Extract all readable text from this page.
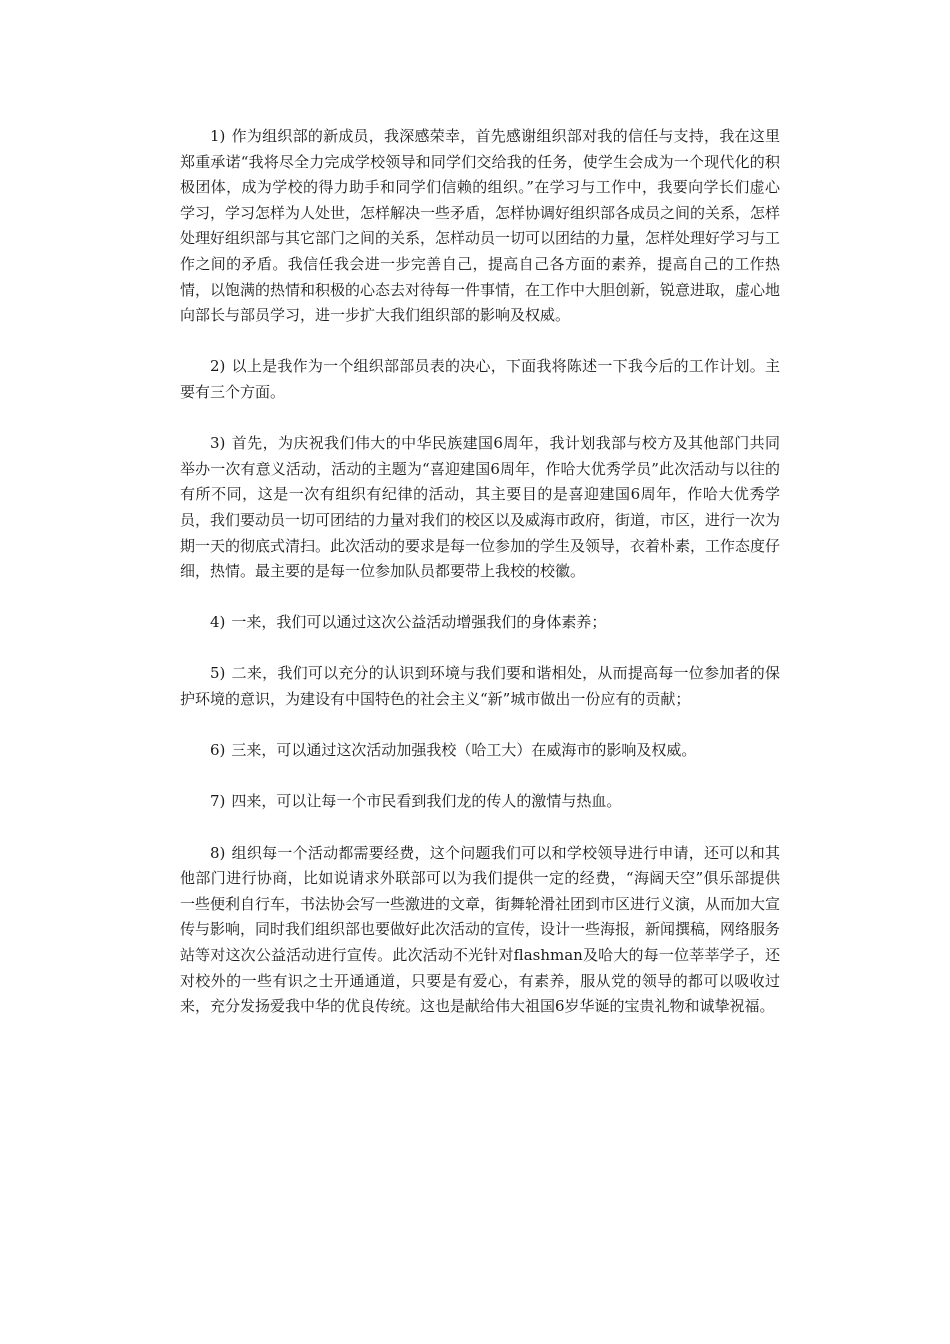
1) 作为组织部的新成员，我深感荣幸，首先感谢组织部对我的信任与支持，我在这里郑重承诺“我将尽全力完成学校领导和同学们交给我的任务，使学生会成为一个现代化的积极团体，成为学校的得力助手和同学们信赖的组织。”在学习与工作中，我要向学长们虚心学习，学习怎样为人处世，怎样解决一些矛盾，怎样协调好组织部各成员之间的关系，怎样处理好组织部与其它部门之间的关系，怎样动员一切可以团结的力量，怎样处理好学习与工作之间的矛盾。我信任我会进一步完善自己，提高自己各方面的素养，提高自己的工作热情，以饱满的热情和积极的心态去对待每一件事情，在工作中大胆创新，锐意进取，虚心地向部长与部员学习，进一步扩大我们组织部的影响及权威。

2) 以上是我作为一个组织部部员表的决心，下面我将陈述一下我今后的工作计划。主要有三个方面。

3) 首先，为庆祝我们伟大的中华民族建国6周年，我计划我部与校方及其他部门共同举办一次有意义活动，活动的主题为“喜迎建国6周年，作哈大优秀学员”此次活动与以往的有所不同，这是一次有组织有纪律的活动，其主要目的是喜迎建国6周年，作哈大优秀学员，我们要动员一切可团结的力量对我们的校区以及威海市政府，街道，市区，进行一次为期一天的彻底式清扫。此次活动的要求是每一位参加的学生及领导，衣着朴素，工作态度仔细，热情。最主要的是每一位参加队员都要带上我校的校徽。

4) 一来，我们可以通过这次公益活动增强我们的身体素养；

5) 二来，我们可以充分的认识到环境与我们要和谐相处，从而提高每一位参加者的保护环境的意识，为建设有中国特色的社会主义“新”城市做出一份应有的贡献；

6) 三来，可以通过这次活动加强我校（哈工大）在威海市的影响及权威。

7) 四来，可以让每一个市民看到我们龙的传人的激情与热血。

8) 组织每一个活动都需要经费，这个问题我们可以和学校领导进行申请，还可以和其他部门进行协商，比如说请求外联部可以为我们提供一定的经费，“海阔天空”俱乐部提供一些便利自行车，书法协会写一些激进的文章，街舞轮滑社团到市区进行义演，从而加大宣传与影响，同时我们组织部也要做好此次活动的宣传，设计一些海报，新闻撰稿，网络服务站等对这次公益活动进行宣传。此次活动不光针对flashman及哈大的每一位莘莘学子，还对校外的一些有识之士开通通道，只要是有爱心，有素养，服从党的领导的都可以吸收过来，充分发扬爱我中华的优良传统。这也是献给伟大祖国6岁华诞的宝贵礼物和诚挚祝福。
